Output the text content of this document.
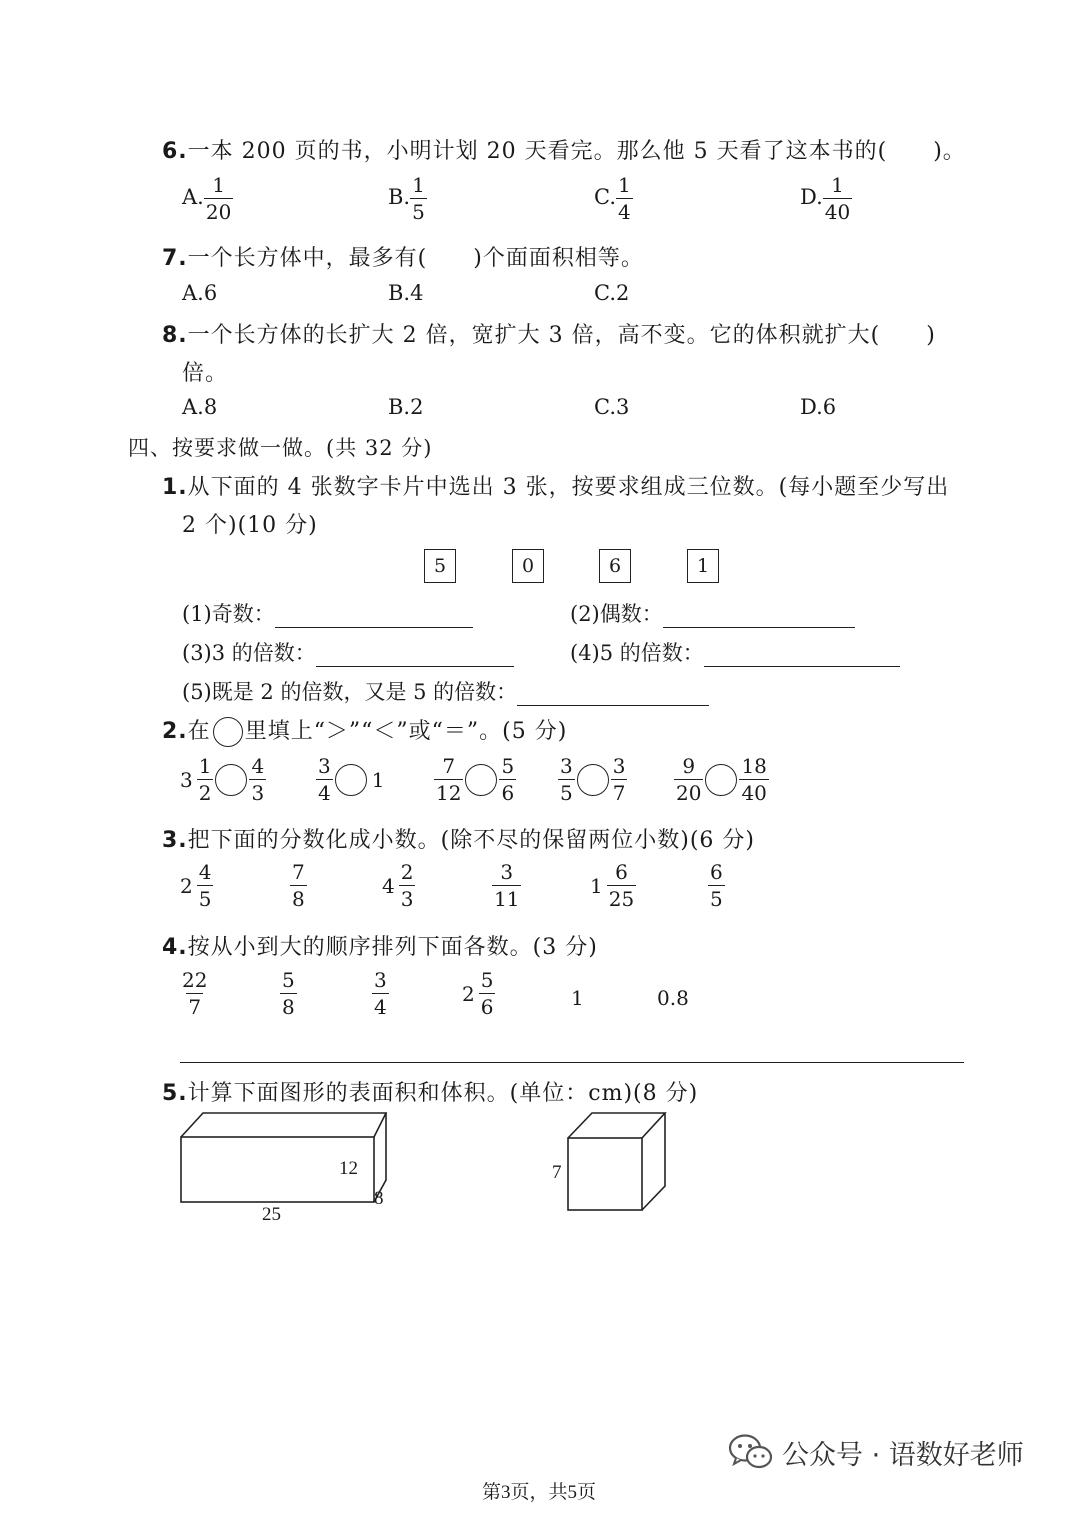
6.一本 200 页的书，小明计划 20 天看完。那么他 5 天看了这本书的(　　)。
A. $\frac{1}{20}$	B. $\frac{1}{5}$	C. $\frac{1}{4}$	D. $\frac{1}{40}$
7.一个长方体中，最多有(　　)个面面积相等。
A.6	B.4	C.2
8.一个长方体的长扩大 2 倍，宽扩大 3 倍，高不变。它的体积就扩大(　　)
倍。
A.8	B.2	C.3	D.6
四、按要求做一做。(共 32 分)
1.从下面的 4 张数字卡片中选出 3 张，按要求组成三位数。(每小题至少写出
2 个)(10 分)
5	0	6	1
(1)奇数：	(2)偶数：
(3)3 的倍数：	(4)5 的倍数：
(5)既是 2 的倍数，又是 5 的倍数：
2.在 里填上“＞”“＜”或“＝”。(5 分)
$3 \frac{1}{2} \frac{4}{3} \frac{3}{4} 1 \frac{7}{12} \frac{5}{6} \frac{3}{5} \frac{3}{7} \frac{9}{20} \frac{18}{40}$
3.把下面的分数化成小数。(除不尽的保留两位小数)(6 分)
$2 \frac{4}{5}$	$\frac{7}{8}$	$4 \frac{2}{3}$	$\frac{3}{11}$	$1 \frac{6}{25}$	$\frac{6}{5}$
4.按从小到大的顺序排列下面各数。(3 分)
$\frac{22}{7}$	$\frac{5}{8}$	$\frac{3}{4}$	$2 \frac{5}{6}$	1	0.8
5.计算下面图形的表面积和体积。(单位：cm)(8 分)
12
8
25
7
第3页，共5页
公众号 · 语数好老师
